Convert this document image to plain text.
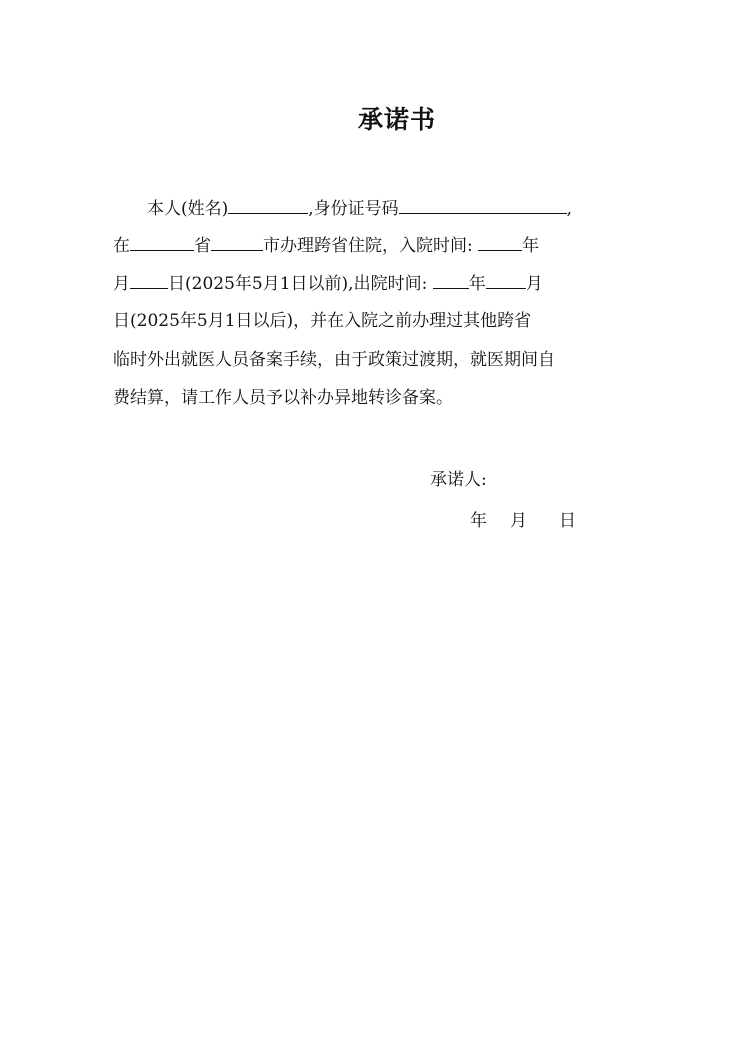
承诺书
本人(姓名)	,身份证号码	,
在	省	市办理跨省住院，入院时间:	年
月 日(2025年5月1日以前),出院时间: 年 月
日(2025年5月1日以后)，并在入院之前办理过其他跨省
临时外出就医人员备案手续，由于政策过渡期，就医期间自
费结算，请工作人员予以补办异地转诊备案。
承诺人:
年 月 日
